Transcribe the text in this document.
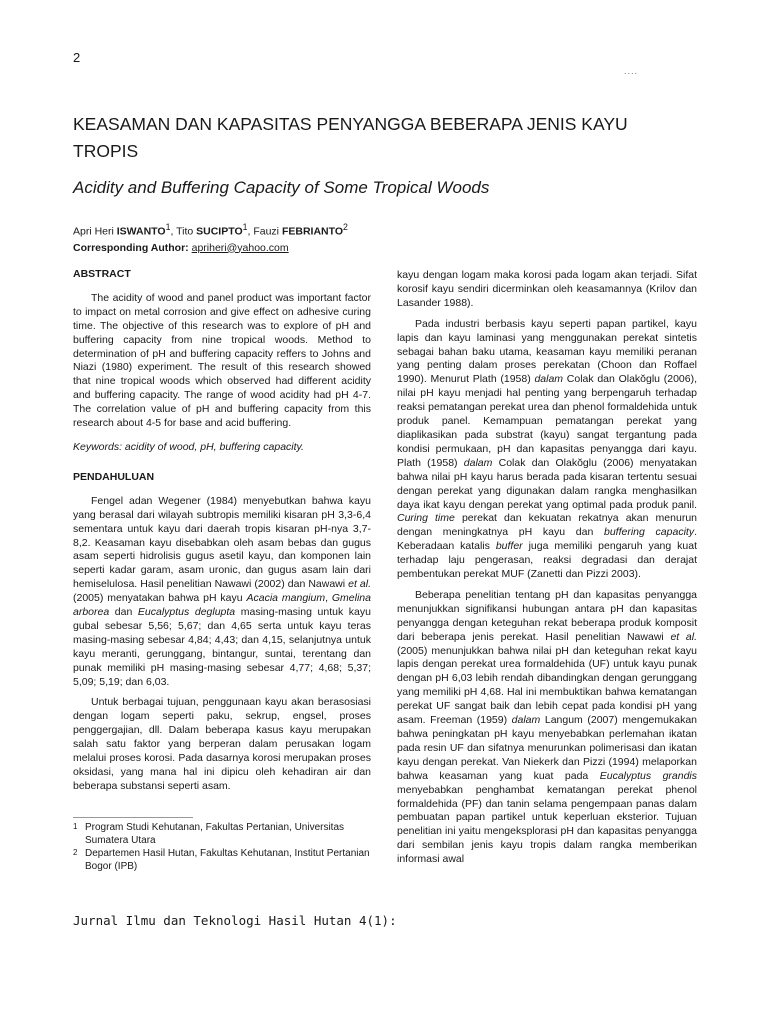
2
....
KEASAMAN DAN KAPASITAS PENYANGGA BEBERAPA JENIS KAYU TROPIS
Acidity and Buffering Capacity of Some Tropical Woods
Apri Heri ISWANTO$^1$, Tito SUCIPTO$^1$, Fauzi FEBRIANTO$^2$
Corresponding Author: apriheri@yahoo.com
ABSTRACT

The acidity of wood and panel product was important factor to impact on metal corrosion and give effect on adhesive curing time. The objective of this research was to explore of pH and buffering capacity from nine tropical woods. Method to determination of pH and buffering capacity reffers to Johns and Niazi (1980) experiment. The result of this research showed that nine tropical woods which observed had different acidity and buffering capacity. The range of wood acidity had pH 4-7. The correlation value of pH and buffering capacity from this research about 4-5 for base and acid buffering.

Keywords: acidity of wood, pH, buffering capacity.

PENDAHULUAN

Fengel adan Wegener (1984) menyebutkan bahwa kayu yang berasal dari wilayah subtropis memiliki kisaran pH 3,3-6,4 sementara untuk kayu dari daerah tropis kisaran pH-nya 3,7-8,2. Keasaman kayu disebabkan oleh asam bebas dan gugus asam seperti hidrolisis gugus asetil kayu, dan komponen lain seperti kadar garam, asam uronic, dan gugus asam lain dari hemiselulosa. Hasil penelitian Nawawi (2002) dan Nawawi et al. (2005) menyatakan bahwa pH kayu Acacia mangium, Gmelina arborea dan Eucalyptus deglupta masing-masing untuk kayu gubal sebesar 5,56; 5,67; dan 4,65 serta untuk kayu teras masing-masing sebesar 4,84; 4,43; dan 4,15, selanjutnya untuk kayu meranti, gerunggang, bintangur, suntai, terentang dan punak memiliki pH masing-masing sebesar 4,77; 4,68; 5,37; 5,09; 5,19; dan 6,03.

Untuk berbagai tujuan, penggunaan kayu akan berasosiasi dengan logam seperti paku, sekrup, engsel, proses penggergajian, dll. Dalam beberapa kasus kayu merupakan salah satu faktor yang berperan dalam perusakan logam melalui proses korosi. Pada dasarnya korosi merupakan proses oksidasi, yang mana hal ini dipicu oleh kehadiran air dan beberapa substansi seperti asam.

1 Program Studi Kehutanan, Fakultas Pertanian, Universitas Sumatera Utara
2 Departemen Hasil Hutan, Fakultas Kehutanan, Institut Pertanian Bogor (IPB)

kayu dengan logam maka korosi pada logam akan terjadi. Sifat korosif kayu sendiri dicerminkan oleh keasamannya (Krilov dan Lasander 1988).

Pada industri berbasis kayu seperti papan partikel, kayu lapis dan kayu laminasi yang menggunakan perekat sintetis sebagai bahan baku utama, keasaman kayu memiliki peranan yang penting dalam proses perekatan (Choon dan Roffael 1990). Menurut Plath (1958) dalam Colak dan Olakŏglu (2006), nilai pH kayu menjadi hal penting yang berpengaruh terhadap reaksi pematangan perekat urea dan phenol formaldehida untuk produk panel. Kemampuan pematangan perekat yang diaplikasikan pada substrat (kayu) sangat tergantung pada kondisi permukaan, pH dan kapasitas penyangga dari kayu. Plath (1958) dalam Colak dan Olakŏglu (2006) menyatakan bahwa nilai pH kayu harus berada pada kisaran tertentu sesuai dengan perekat yang digunakan dalam rangka menghasilkan daya ikat kayu dengan perekat yang optimal pada produk panil. Curing time perekat dan kekuatan rekatnya akan menurun dengan meningkatnya pH kayu dan buffering capacity. Keberadaan katalis buffer juga memiliki pengaruh yang kuat terhadap laju pengerasan, reaksi degradasi dan derajat pembentukan perekat MUF (Zanetti dan Pizzi 2003).

Beberapa penelitian tentang pH dan kapasitas penyangga menunjukkan signifikansi hubungan antara pH dan kapasitas penyangga dengan keteguhan rekat beberapa produk komposit dari beberapa jenis perekat. Hasil penelitian Nawawi et al. (2005) menunjukkan bahwa nilai pH dan keteguhan rekat kayu lapis dengan perekat urea formaldehida (UF) untuk kayu punak dengan pH 6,03 lebih rendah dibandingkan dengan gerunggang yang memiliki pH 4,68. Hal ini membuktikan bahwa kematangan perekat UF sangat baik dan lebih cepat pada kondisi pH yang asam. Freeman (1959) dalam Langum (2007) mengemukakan bahwa peningkatan pH kayu menyebabkan perlemahan ikatan pada resin UF dan sifatnya menurunkan polimerisasi dan ikatan kayu dengan perekat. Van Niekerk dan Pizzi (1994) melaporkan bahwa keasaman yang kuat pada Eucalyptus grandis menyebabkan penghambat kematangan perekat phenol formaldehida (PF) dan tanin selama pengempaan panas dalam pembuatan papan partikel untuk keperluan eksterior. Tujuan penelitian ini yaitu mengeksplorasi pH dan kapasitas penyangga dari sembilan jenis kayu tropis dalam rangka memberikan informasi awal

Jurnal Ilmu dan Teknologi Hasil Hutan 4(1):
